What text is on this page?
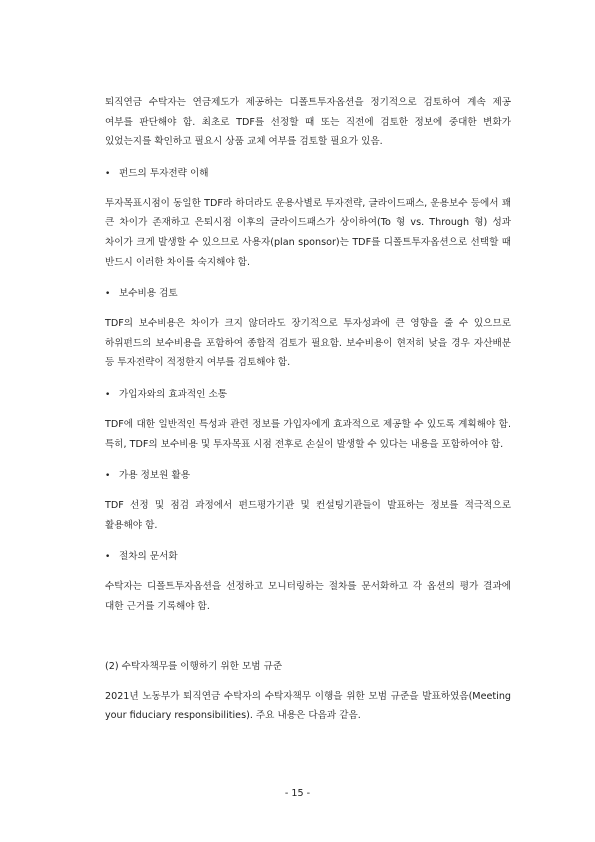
퇴직연금 수탁자는 연금제도가 제공하는 디폴트투자옵션을 정기적으로 검토하여 계속 제공 여부를 판단해야 함. 최초로 TDF를 선정할 때 또는 직전에 검토한 정보에 중대한 변화가 있었는지를 확인하고 필요시 상품 교체 여부를 검토할 필요가 있음.

• 펀드의 투자전략 이해

투자목표시점이 동일한 TDF라 하더라도 운용사별로 투자전략, 글라이드패스, 운용보수 등에서 꽤 큰 차이가 존재하고 은퇴시점 이후의 글라이드패스가 상이하여(To 형 vs. Through 형) 성과 차이가 크게 발생할 수 있으므로 사용자(plan sponsor)는 TDF를 디폴트투자옵션으로 선택할 때 반드시 이러한 차이를 숙지해야 함.

• 보수비용 검토

TDF의 보수비용은 차이가 크지 않더라도 장기적으로 투자성과에 큰 영향을 줄 수 있으므로 하위펀드의 보수비용을 포함하여 종합적 검토가 필요함. 보수비용이 현저히 낮을 경우 자산배분 등 투자전략이 적정한지 여부를 검토해야 함.

• 가입자와의 효과적인 소통

TDF에 대한 일반적인 특성과 관련 정보를 가입자에게 효과적으로 제공할 수 있도록 계획해야 함. 특히, TDF의 보수비용 및 투자목표 시점 전후로 손실이 발생할 수 있다는 내용을 포함하여야 함.

• 가용 정보원 활용

TDF 선정 및 점검 과정에서 펀드평가기관 및 컨설팅기관들이 발표하는 정보를 적극적으로 활용해야 함.

• 절차의 문서화

수탁자는 디폴트투자옵션을 선정하고 모니터링하는 절차를 문서화하고 각 옵션의 평가 결과에 대한 근거를 기록해야 함.

(2) 수탁자책무를 이행하기 위한 모범 규준

2021년 노동부가 퇴직연금 수탁자의 수탁자책무 이행을 위한 모범 규준을 발표하였음(Meeting your fiduciary responsibilities). 주요 내용은 다음과 같음.

- 15 -
